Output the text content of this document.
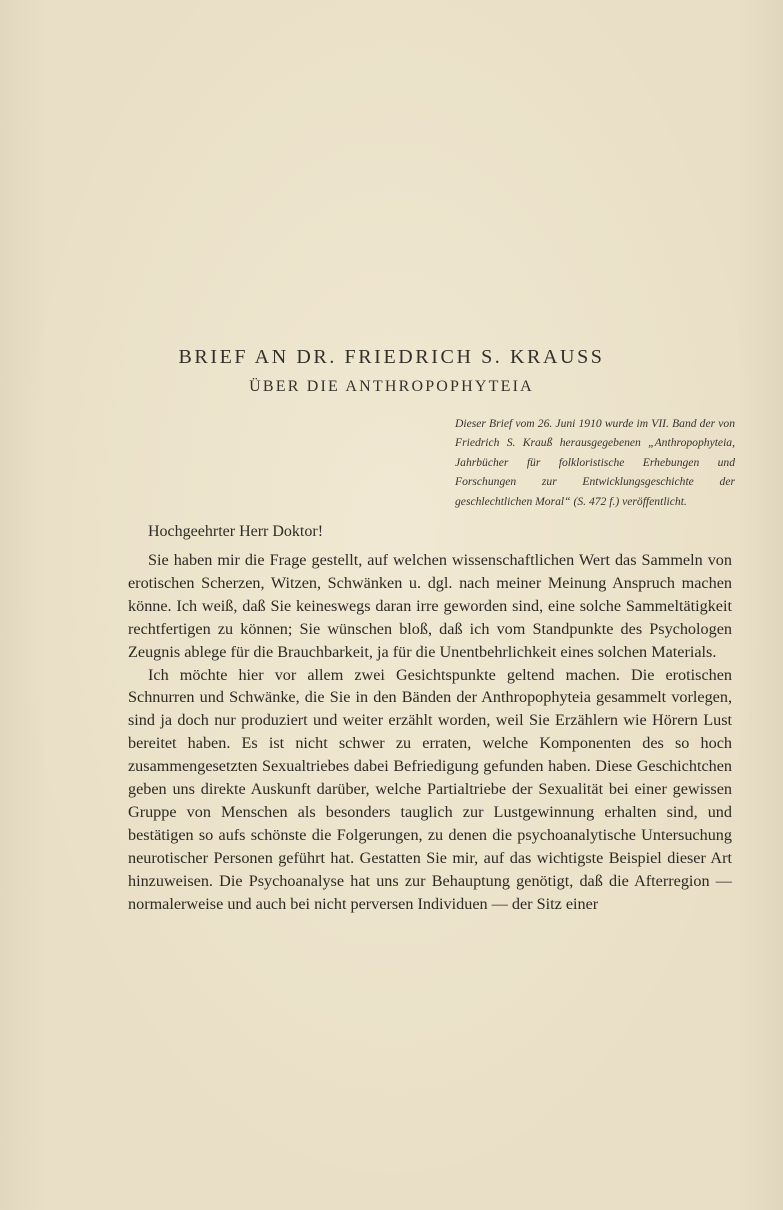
BRIEF AN DR. FRIEDRICH S. KRAUSS
ÜBER DIE ANTHROPOPHYTEIA

Dieser Brief vom 26. Juni 1910 wurde im VII. Band der von Friedrich S. Krauß herausgegebenen „Anthropophyteia, Jahrbücher für folkloristische Erhebungen und Forschungen zur Entwicklungsgeschichte der geschlechtlichen Moral“ (S. 472 f.) veröffentlicht.

Hochgeehrter Herr Doktor!

Sie haben mir die Frage gestellt, auf welchen wissenschaftlichen Wert das Sammeln von erotischen Scherzen, Witzen, Schwänken u. dgl. nach meiner Meinung Anspruch machen könne. Ich weiß, daß Sie keineswegs daran irre geworden sind, eine solche Sammeltätigkeit rechtfertigen zu können; Sie wünschen bloß, daß ich vom Standpunkte des Psychologen Zeugnis ablege für die Brauchbarkeit, ja für die Unentbehrlichkeit eines solchen Materials.

Ich möchte hier vor allem zwei Gesichtspunkte geltend machen. Die erotischen Schnurren und Schwänke, die Sie in den Bänden der Anthropophyteia gesammelt vorlegen, sind ja doch nur produziert und weiter erzählt worden, weil Sie Erzählern wie Hörern Lust bereitet haben. Es ist nicht schwer zu erraten, welche Komponenten des so hoch zusammengesetzten Sexualtriebes dabei Befriedigung gefunden haben. Diese Geschichtchen geben uns direkte Auskunft darüber, welche Partialtriebe der Sexualität bei einer gewissen Gruppe von Menschen als besonders tauglich zur Lustgewinnung erhalten sind, und bestätigen so aufs schönste die Folgerungen, zu denen die psychoanalytische Untersuchung neurotischer Personen geführt hat. Gestatten Sie mir, auf das wichtigste Beispiel dieser Art hinzuweisen. Die Psychoanalyse hat uns zur Behauptung genötigt, daß die Afterregion — normalerweise und auch bei nicht perversen Individuen — der Sitz einer
